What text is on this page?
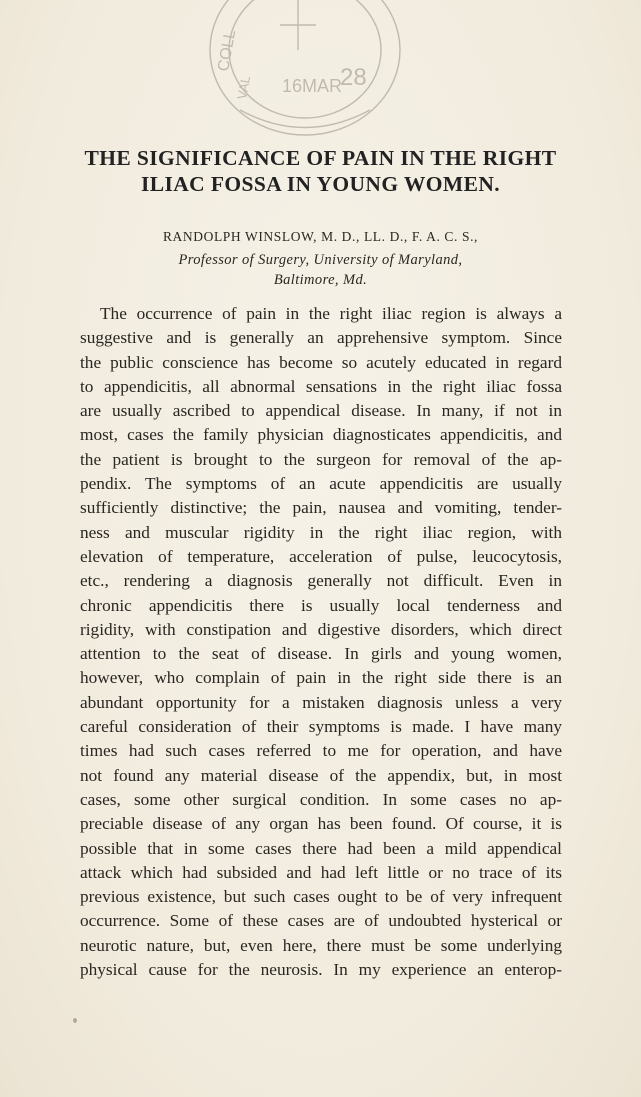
COLL
VAL 16MAR
28
THE SIGNIFICANCE OF PAIN IN THE RIGHT
ILIAC FOSSA IN YOUNG WOMEN.
RANDOLPH WINSLOW, M. D., LL. D., F. A. C. S.,
Professor of Surgery, University of Maryland,
Baltimore, Md.
The occurrence of pain in the right iliac region is always a
suggestive and is generally an apprehensive symptom. Since
the public conscience has become so acutely educated in regard
to appendicitis, all abnormal sensations in the right iliac fossa
are usually ascribed to appendical disease. In many, if not in
most, cases the family physician diagnosticates appendicitis, and
the patient is brought to the surgeon for removal of the ap-
pendix. The symptoms of an acute appendicitis are usually
sufficiently distinctive; the pain, nausea and vomiting, tender-
ness and muscular rigidity in the right iliac region, with
elevation of temperature, acceleration of pulse, leucocytosis,
etc., rendering a diagnosis generally not difficult. Even in
chronic appendicitis there is usually local tenderness and
rigidity, with constipation and digestive disorders, which direct
attention to the seat of disease. In girls and young women,
however, who complain of pain in the right side there is an
abundant opportunity for a mistaken diagnosis unless a very
careful consideration of their symptoms is made. I have many
times had such cases referred to me for operation, and have
not found any material disease of the appendix, but, in most
cases, some other surgical condition. In some cases no ap-
preciable disease of any organ has been found. Of course, it is
possible that in some cases there had been a mild appendical
attack which had subsided and had left little or no trace of its
previous existence, but such cases ought to be of very infrequent
occurrence. Some of these cases are of undoubted hysterical or
neurotic nature, but, even here, there must be some underlying
physical cause for the neurosis. In my experience an enterop-
